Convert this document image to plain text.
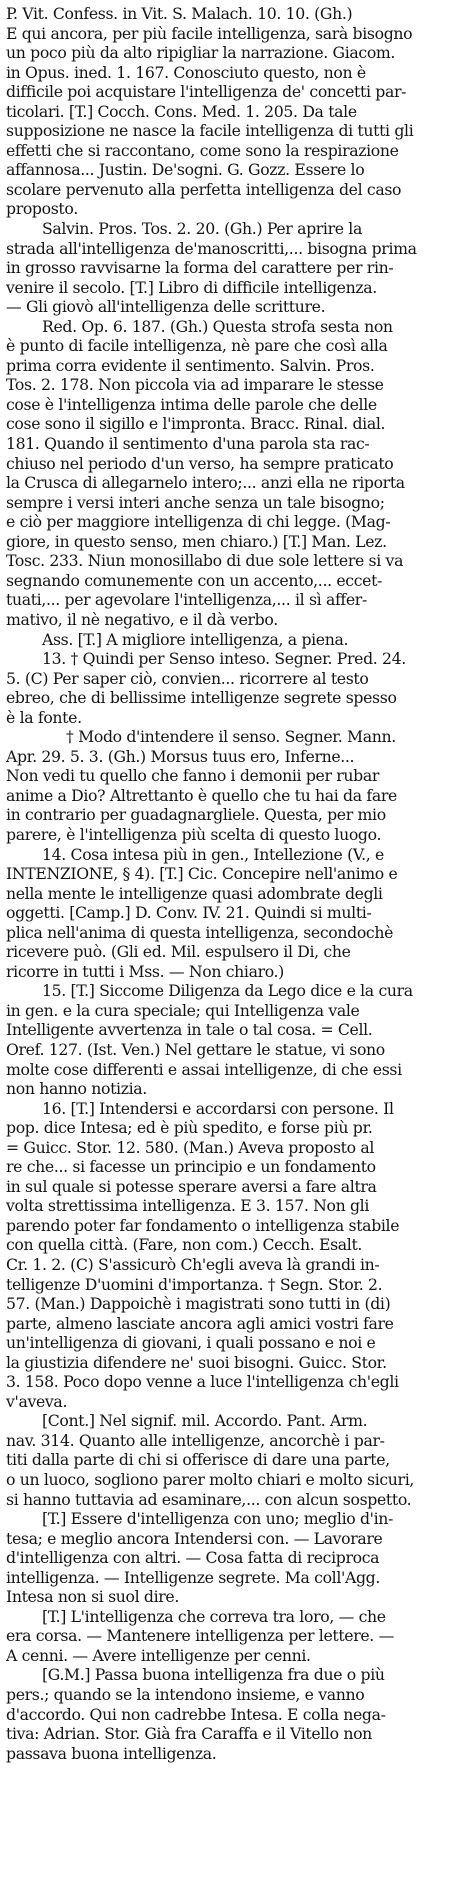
P. Vit. Confess. in Vit. S. Malach. 10. 10. (Gh.)
E qui ancora, per più facile intelligenza, sarà bisogno
un poco più da alto ripigliar la narrazione. Giacom.
in Opus. ined. 1. 167. Conosciuto questo, non è
difficile poi acquistare l'intelligenza de' concetti par-
ticolari. [T.] Cocch. Cons. Med. 1. 205. Da tale
supposizione ne nasce la facile intelligenza di tutti gli
effetti che si raccontano, come sono la respirazione
affannosa... Justin. De'sogni. G. Gozz. Essere lo
scolare pervenuto alla perfetta intelligenza del caso
proposto.
Salvin. Pros. Tos. 2. 20. (Gh.) Per aprire la
strada all'intelligenza de'manoscritti,... bisogna prima
in grosso ravvisarne la forma del carattere per rin-
venire il secolo. [T.] Libro di difficile intelligenza.
— Gli giovò all'intelligenza delle scritture.
Red. Op. 6. 187. (Gh.) Questa strofa sesta non
è punto di facile intelligenza, nè pare che così alla
prima corra evidente il sentimento. Salvin. Pros.
Tos. 2. 178. Non piccola via ad imparare le stesse
cose è l'intelligenza intima delle parole che delle
cose sono il sigillo e l'impronta. Bracc. Rinal. dial.
181. Quando il sentimento d'una parola sta rac-
chiuso nel periodo d'un verso, ha sempre praticato
la Crusca di allegarnelo intero;... anzi ella ne riporta
sempre i versi interi anche senza un tale bisogno;
e ciò per maggiore intelligenza di chi legge. (Mag-
giore, in questo senso, men chiaro.) [T.] Man. Lez.
Tosc. 233. Niun monosillabo di due sole lettere si va
segnando comunemente con un accento,... eccet-
tuati,... per agevolare l'intelligenza,... il sì affer-
mativo, il nè negativo, e il dà verbo.
Ass. [T.] A migliore intelligenza, a piena.
13. † Quindi per Senso inteso. Segner. Pred. 24.
5. (C) Per saper ciò, convien... ricorrere al testo
ebreo, che di bellissime intelligenze segrete spesso
è la fonte.
† Modo d'intendere il senso. Segner. Mann.
Apr. 29. 5. 3. (Gh.) Morsus tuus ero, Inferne...
Non vedi tu quello che fanno i demonii per rubar
anime a Dio? Altrettanto è quello che tu hai da fare
in contrario per guadagnargliele. Questa, per mio
parere, è l'intelligenza più scelta di questo luogo.
14. Cosa intesa più in gen., Intellezione (V., e
INTENZIONE, § 4). [T.] Cic. Concepire nell'animo e
nella mente le intelligenze quasi adombrate degli
oggetti. [Camp.] D. Conv. IV. 21. Quindi si multi-
plica nell'anima di questa intelligenza, secondochè
ricevere può. (Gli ed. Mil. espulsero il Di, che
ricorre in tutti i Mss. — Non chiaro.)
15. [T.] Siccome Diligenza da Lego dice e la cura
in gen. e la cura speciale; qui Intelligenza vale
Intelligente avvertenza in tale o tal cosa. = Cell.
Oref. 127. (Ist. Ven.) Nel gettare le statue, vi sono
molte cose differenti e assai intelligenze, di che essi
non hanno notizia.
16. [T.] Intendersi e accordarsi con persone. Il
pop. dice Intesa; ed è più spedito, e forse più pr.
= Guicc. Stor. 12. 580. (Man.) Aveva proposto al
re che... si facesse un principio e un fondamento
in sul quale si potesse sperare aversi a fare altra
volta strettissima intelligenza. E 3. 157. Non gli
parendo poter far fondamento o intelligenza stabile
con quella città. (Fare, non com.) Cecch. Esalt.
Cr. 1. 2. (C) S'assicurò Ch'egli aveva là grandi in-
telligenze D'uomini d'importanza. † Segn. Stor. 2.
57. (Man.) Dappoichè i magistrati sono tutti in (di)
parte, almeno lasciate ancora agli amici vostri fare
un'intelligenza di giovani, i quali possano e noi e
la giustizia difendere ne' suoi bisogni. Guicc. Stor.
3. 158. Poco dopo venne a luce l'intelligenza ch'egli
v'aveva.
[Cont.] Nel signif. mil. Accordo. Pant. Arm.
nav. 314. Quanto alle intelligenze, ancorchè i par-
titi dalla parte di chi si offerisce di dare una parte,
o un luoco, sogliono parer molto chiari e molto sicuri,
si hanno tuttavia ad esaminare,... con alcun sospetto.
[T.] Essere d'intelligenza con uno; meglio d'in-
tesa; e meglio ancora Intendersi con. — Lavorare
d'intelligenza con altri. — Cosa fatta di reciproca
intelligenza. — Intelligenze segrete. Ma coll'Agg.
Intesa non si suol dire.
[T.] L'intelligenza che correva tra loro, — che
era corsa. — Mantenere intelligenza per lettere. —
A cenni. — Avere intelligenze per cenni.
[G.M.] Passa buona intelligenza fra due o più
pers.; quando se la intendono insieme, e vanno
d'accordo. Qui non cadrebbe Intesa. E colla nega-
tiva: Adrian. Stor. Già fra Caraffa e il Vitello non
passava buona intelligenza.
